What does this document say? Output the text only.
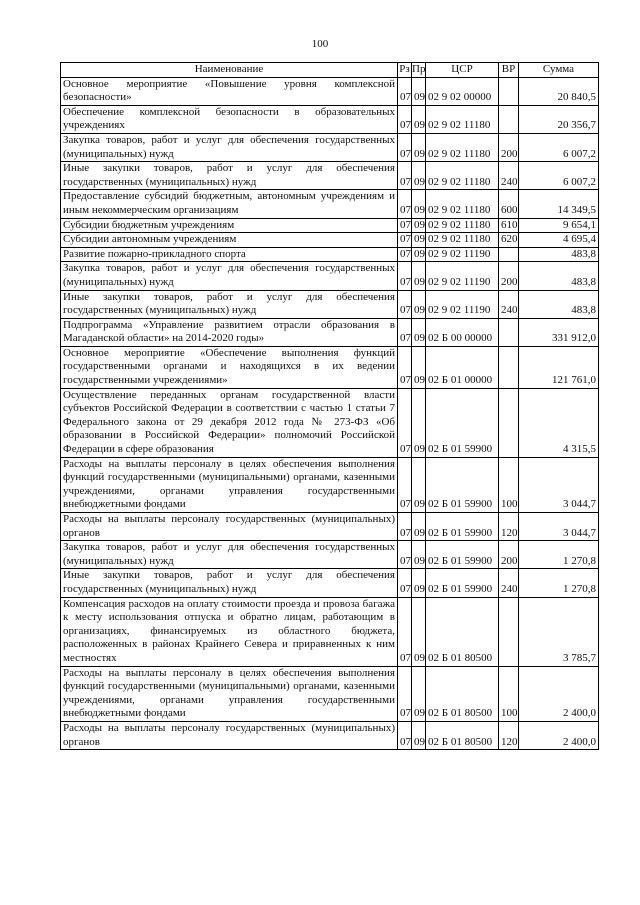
100
Наименование	Рз	Пр	ЦСР	ВР	Сумма
Основное мероприятие «Повышение уровня комплексной безопасности»	07	09	02 9 02 00000		20 840,5
Обеспечение комплексной безопасности в образовательных учреждениях	07	09	02 9 02 11180		20 356,7
Закупка товаров, работ и услуг для обеспечения государственных (муниципальных) нужд	07	09	02 9 02 11180	200	6 007,2
Иные закупки товаров, работ и услуг для обеспечения государственных (муниципальных) нужд	07	09	02 9 02 11180	240	6 007,2
Предоставление субсидий бюджетным, автономным учреждениям и иным некоммерческим организациям	07	09	02 9 02 11180	600	14 349,5
Субсидии бюджетным учреждениям	07	09	02 9 02 11180	610	9 654,1
Субсидии автономным учреждениям	07	09	02 9 02 11180	620	4 695,4
Развитие пожарно-прикладного спорта	07	09	02 9 02 11190		483,8
Закупка товаров, работ и услуг для обеспечения государственных (муниципальных) нужд	07	09	02 9 02 11190	200	483,8
Иные закупки товаров, работ и услуг для обеспечения государственных (муниципальных) нужд	07	09	02 9 02 11190	240	483,8
Подпрограмма «Управление развитием отрасли образования в Магаданской области» на 2014-2020 годы»	07	09	02 Б 00 00000		331 912,0
Основное мероприятие «Обеспечение выполнения функций государственными органами и находящихся в их ведении государственными учреждениями»	07	09	02 Б 01 00000		121 761,0
Осуществление переданных органам государственной власти субъектов Российской Федерации в соответствии с частью 1 статьи 7 Федерального закона от 29 декабря 2012 года № 273-ФЗ «Об образовании в Российской Федерации» полномочий Российской Федерации в сфере образования	07	09	02 Б 01 59900		4 315,5
Расходы на выплаты персоналу в целях обеспечения выполнения функций государственными (муниципальными) органами, казенными учреждениями, органами управления государственными внебюджетными фондами	07	09	02 Б 01 59900	100	3 044,7
Расходы на выплаты персоналу государственных (муниципальных) органов	07	09	02 Б 01 59900	120	3 044,7
Закупка товаров, работ и услуг для обеспечения государственных (муниципальных) нужд	07	09	02 Б 01 59900	200	1 270,8
Иные закупки товаров, работ и услуг для обеспечения государственных (муниципальных) нужд	07	09	02 Б 01 59900	240	1 270,8
Компенсация расходов на оплату стоимости проезда и провоза багажа к месту использования отпуска и обратно лицам, работающим в организациях, финансируемых из областного бюджета, расположенных в районах Крайнего Севера и приравненных к ним местностях	07	09	02 Б 01 80500		3 785,7
Расходы на выплаты персоналу в целях обеспечения выполнения функций государственными (муниципальными) органами, казенными учреждениями, органами управления государственными внебюджетными фондами	07	09	02 Б 01 80500	100	2 400,0
Расходы на выплаты персоналу государственных (муниципальных) органов	07	09	02 Б 01 80500	120	2 400,0
